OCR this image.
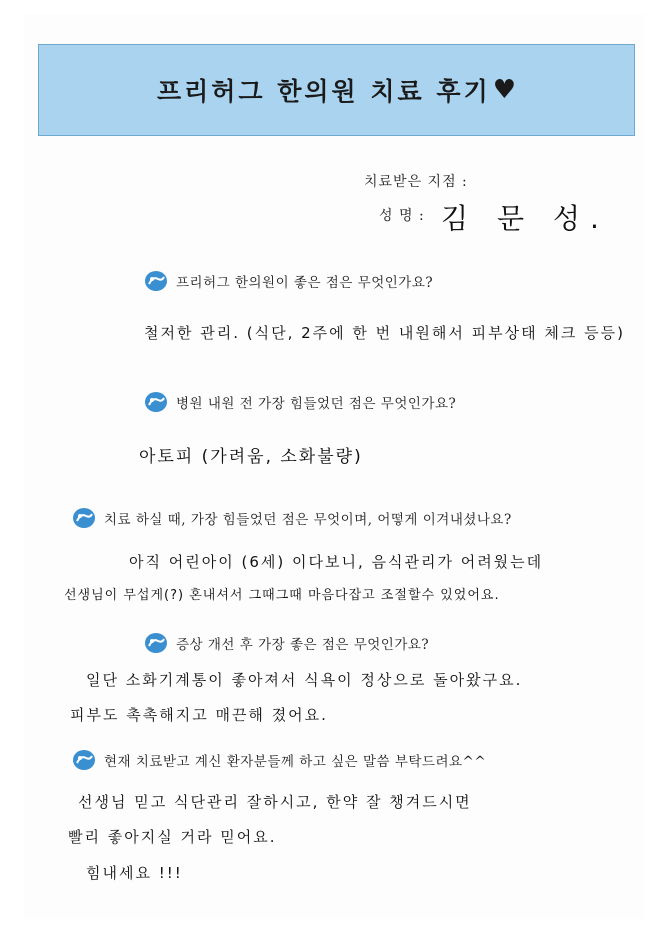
프리허그 한의원 치료 후기 ♥
치료받은 지점 :
성 명 : 김 문 성.
프리허그 한의원이 좋은 점은 무엇인가요?
철저한 관리. (식단, 2주에 한 번 내원해서 피부상태 체크 등등)
병원 내원 전 가장 힘들었던 점은 무엇인가요?
아토피 (가려움, 소화불량)
치료 하실 때, 가장 힘들었던 점은 무엇이며, 어떻게 이겨내셨나요?
아직 어린아이 (6세) 이다보니, 음식관리가 어려웠는데
선생님이 무섭게(?) 혼내셔서 그때그때 마음다잡고 조절할수 있었어요.
증상 개선 후 가장 좋은 점은 무엇인가요?
일단 소화기계통이 좋아져서 식욕이 정상으로 돌아왔구요.
피부도 촉촉해지고 매끈해 졌어요.
현재 치료받고 계신 환자분들께 하고 싶은 말씀 부탁드려요^^
선생님 믿고 식단관리 잘하시고, 한약 잘 챙겨드시면
빨리 좋아지실 거라 믿어요.
힘내세요 !!!
